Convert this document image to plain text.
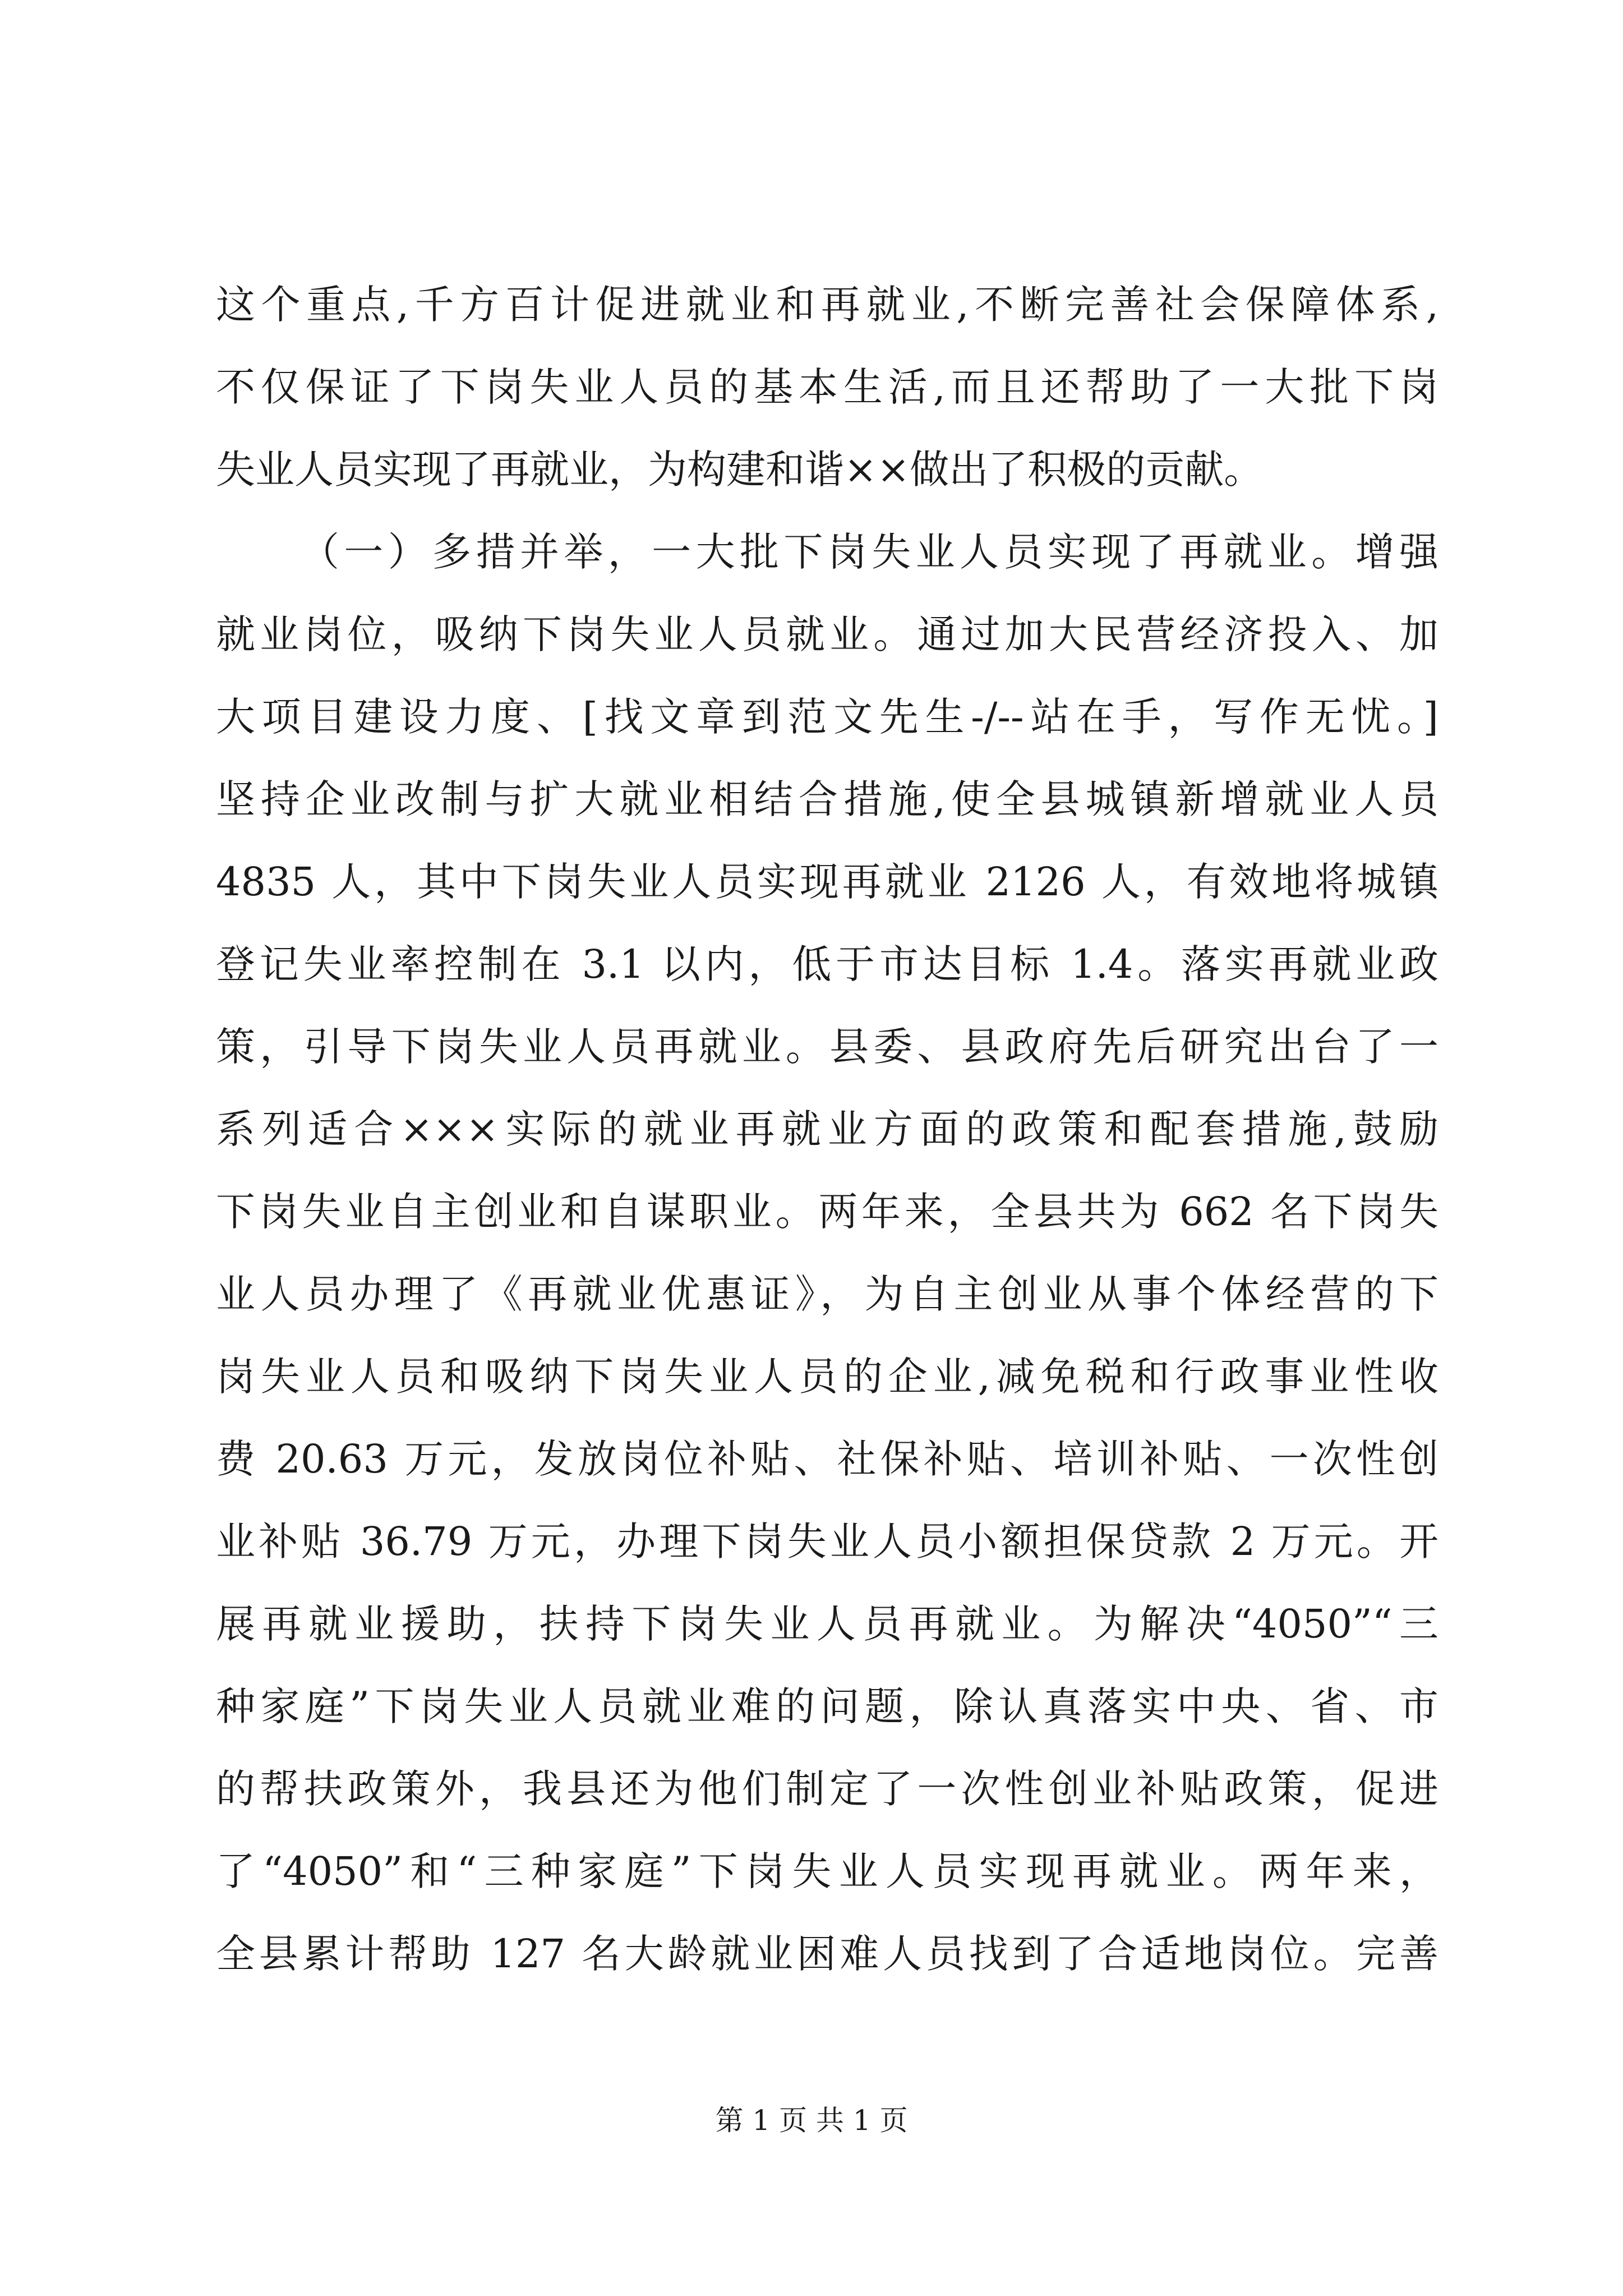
这个重点,千方百计促进就业和再就业,不断完善社会保障体系,
不仅保证了下岗失业人员的基本生活,而且还帮助了一大批下岗
失业人员实现了再就业，为构建和谐××做出了积极的贡献。
（一）多措并举，一大批下岗失业人员实现了再就业。增强
就业岗位，吸纳下岗失业人员就业。通过加大民营经济投入、加
大项目建设力度、[找文章到范文先生-/--站在手，写作无忧。]
坚持企业改制与扩大就业相结合措施,使全县城镇新增就业人员
4835 人，其中下岗失业人员实现再就业 2126 人，有效地将城镇
登记失业率控制在 3.1 以内，低于市达目标 1.4。落实再就业政
策，引导下岗失业人员再就业。县委、县政府先后研究出台了一
系列适合×××实际的就业再就业方面的政策和配套措施,鼓励
下岗失业自主创业和自谋职业。两年来，全县共为 662 名下岗失
业人员办理了《再就业优惠证》，为自主创业从事个体经营的下
岗失业人员和吸纳下岗失业人员的企业,减免税和行政事业性收
费 20.63 万元，发放岗位补贴、社保补贴、培训补贴、一次性创
业补贴 36.79 万元，办理下岗失业人员小额担保贷款 2 万元。开
展再就业援助，扶持下岗失业人员再就业。为解决“4050”“三
种家庭”下岗失业人员就业难的问题，除认真落实中央、省、市
的帮扶政策外，我县还为他们制定了一次性创业补贴政策，促进
了“4050”和“三种家庭”下岗失业人员实现再就业。两年来，
全县累计帮助 127 名大龄就业困难人员找到了合适地岗位。完善
第 1 页 共 1 页
